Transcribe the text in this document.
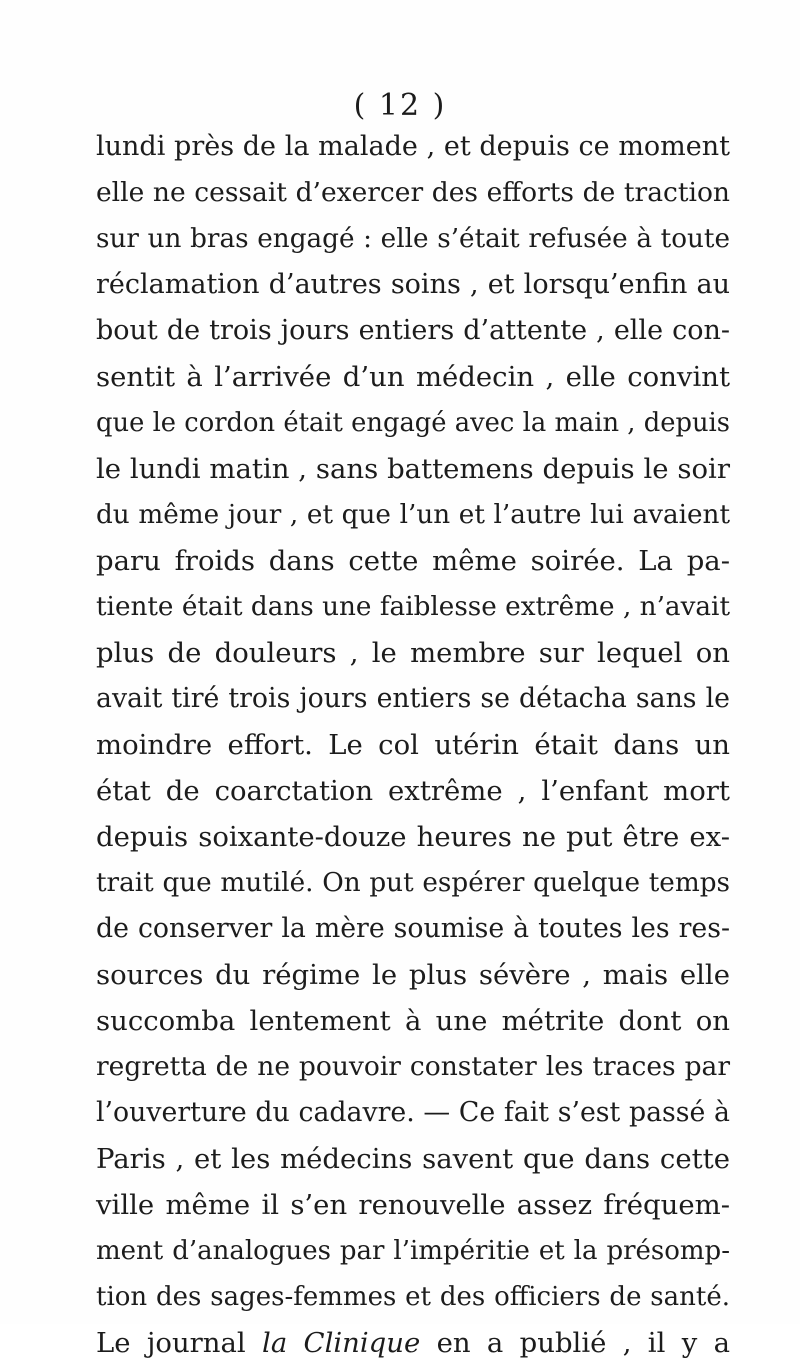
( 12 )
lundi près de la malade , et depuis ce moment
elle ne cessait d’exercer des efforts de traction
sur un bras engagé : elle s’était refusée à toute
réclamation d’autres soins , et lorsqu’enfin au
bout de trois jours entiers d’attente , elle con-
sentit à l’arrivée d’un médecin , elle convint
que le cordon était engagé avec la main , depuis
le lundi matin , sans battemens depuis le soir
du même jour , et que l’un et l’autre lui avaient
paru froids dans cette même soirée. La pa-
tiente était dans une faiblesse extrême , n’avait
plus de douleurs , le membre sur lequel on
avait tiré trois jours entiers se détacha sans le
moindre effort. Le col utérin était dans un
état de coarctation extrême , l’enfant mort
depuis soixante-douze heures ne put être ex-
trait que mutilé. On put espérer quelque temps
de conserver la mère soumise à toutes les res-
sources du régime le plus sévère , mais elle
succomba lentement à une métrite dont on
regretta de ne pouvoir constater les traces par
l’ouverture du cadavre. — Ce fait s’est passé à
Paris , et les médecins savent que dans cette
ville même il s’en renouvelle assez fréquem-
ment d’analogues par l’impéritie et la présomp-
tion des sages-femmes et des officiers de santé.
Le journal la Clinique en a publié , il y a
